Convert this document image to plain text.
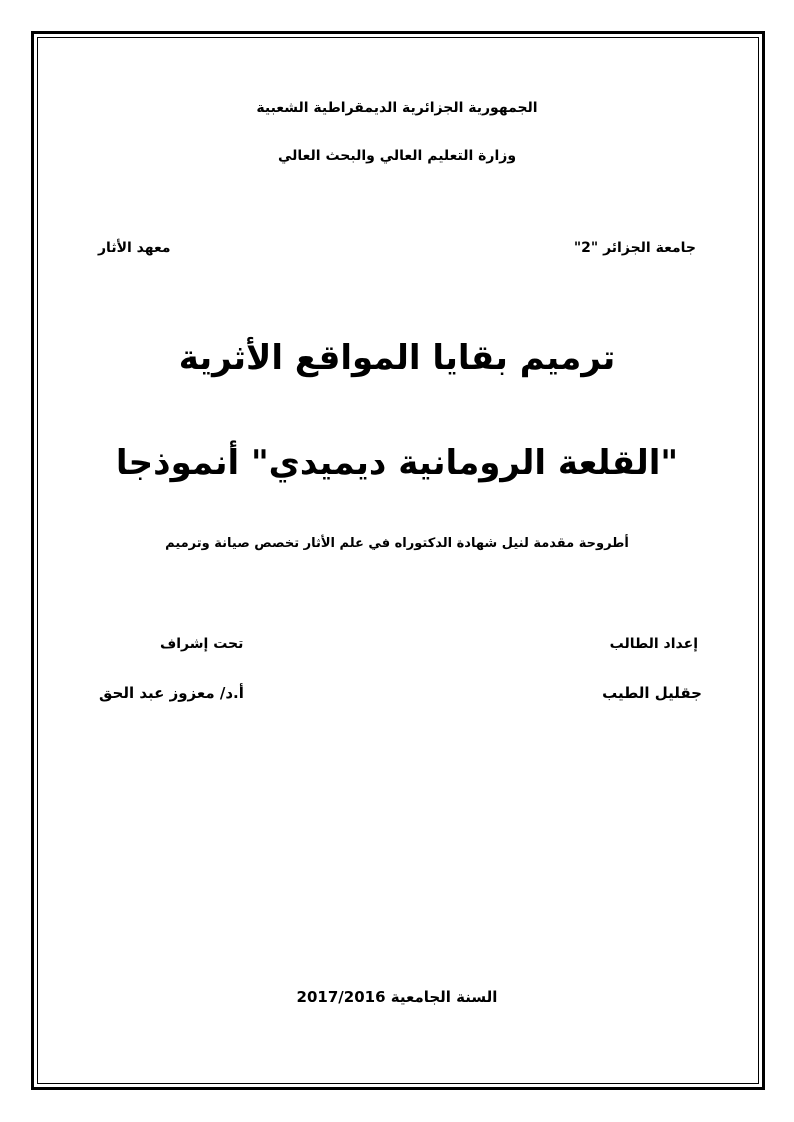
الجمهورية الجزائرية الديمقراطية الشعبية
وزارة التعليم العالي والبحث العالي
جامعة الجزائر "2"
معهد الأثار
ترميم بقايا المواقع الأثرية
"القلعة الرومانية ديميدي" أنموذجا
أطروحة مقدمة لنيل شهادة الدكتوراه في علم الأثار تخصص صيانة وترميم
إعداد الطالب
تحت إشراف
جقليل الطيب
أ.د/ معزوز عبد الحق
السنة الجامعية 2017/2016
